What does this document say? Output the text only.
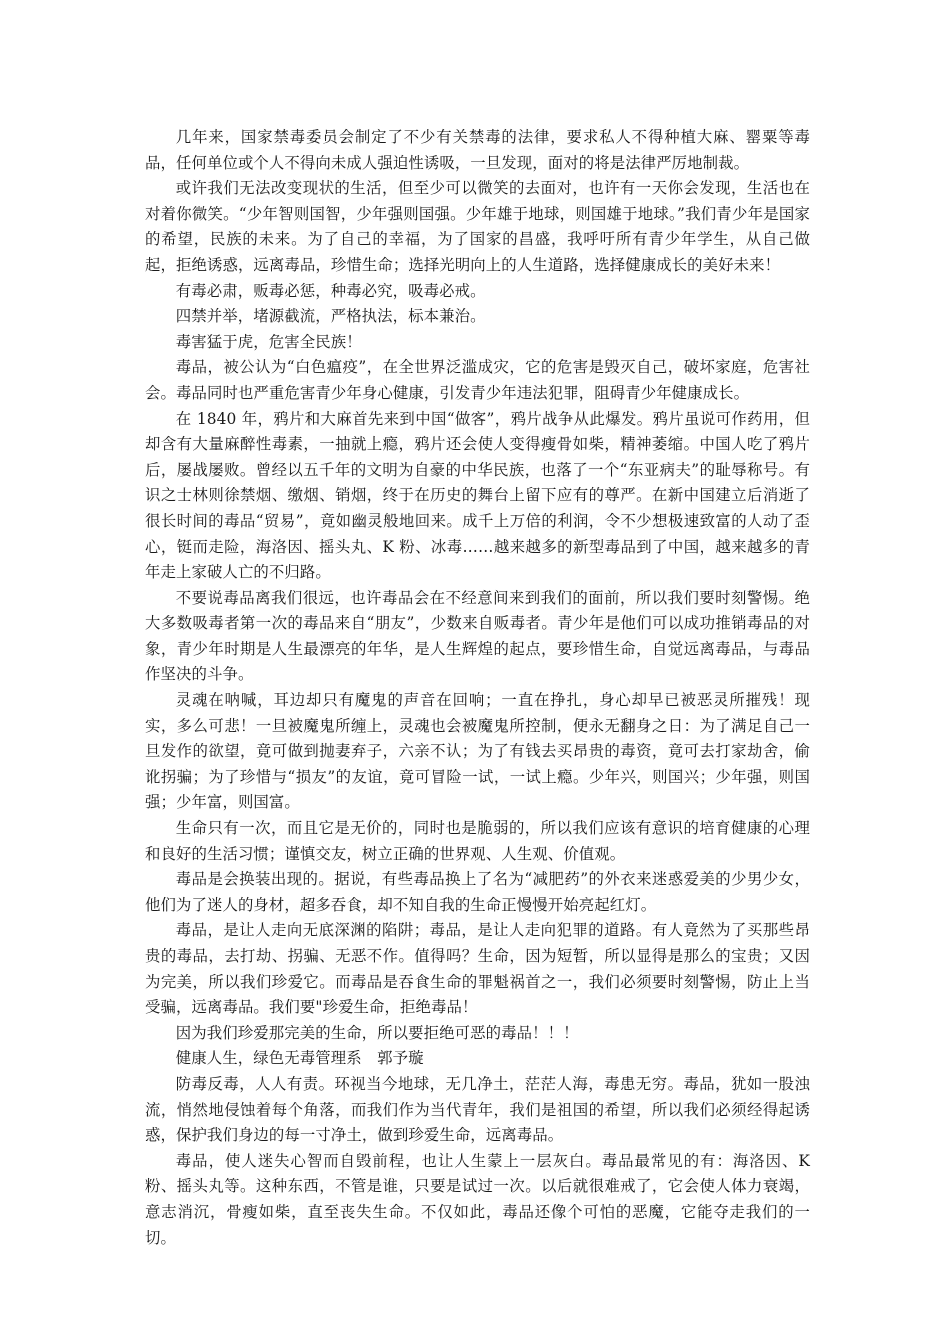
几年来，国家禁毒委员会制定了不少有关禁毒的法律，要求私人不得种植大麻、罂粟等毒品，任何单位或个人不得向未成人强迫性诱吸，一旦发现，面对的将是法律严厉地制裁。

或许我们无法改变现状的生活，但至少可以微笑的去面对，也许有一天你会发现，生活也在对着你微笑。“少年智则国智，少年强则国强。少年雄于地球，则国雄于地球。”我们青少年是国家的希望，民族的未来。为了自己的幸福，为了国家的昌盛，我呼吁所有青少年学生，从自己做起，拒绝诱惑，远离毒品，珍惜生命；选择光明向上的人生道路，选择健康成长的美好未来！

有毒必肃，贩毒必惩，种毒必究，吸毒必戒。

四禁并举，堵源截流，严格执法，标本兼治。

毒害猛于虎，危害全民族！

毒品，被公认为“白色瘟疫”，在全世界泛滥成灾，它的危害是毁灭自己，破坏家庭，危害社会。毒品同时也严重危害青少年身心健康，引发青少年违法犯罪，阻碍青少年健康成长。

在 1840 年，鸦片和大麻首先来到中国“做客”，鸦片战争从此爆发。鸦片虽说可作药用，但却含有大量麻醉性毒素，一抽就上瘾，鸦片还会使人变得瘦骨如柴，精神萎缩。中国人吃了鸦片后，屡战屡败。曾经以五千年的文明为自豪的中华民族，也落了一个“东亚病夫”的耻辱称号。有识之士林则徐禁烟、缴烟、销烟，终于在历史的舞台上留下应有的尊严。在新中国建立后消逝了很长时间的毒品“贸易”，竟如幽灵般地回来。成千上万倍的利润，令不少想极速致富的人动了歪心，铤而走险，海洛因、摇头丸、K 粉、冰毒……越来越多的新型毒品到了中国，越来越多的青年走上家破人亡的不归路。

不要说毒品离我们很远，也许毒品会在不经意间来到我们的面前，所以我们要时刻警惕。绝大多数吸毒者第一次的毒品来自“朋友”，少数来自贩毒者。青少年是他们可以成功推销毒品的对象，青少年时期是人生最漂亮的年华，是人生辉煌的起点，要珍惜生命，自觉远离毒品，与毒品作坚决的斗争。

灵魂在呐喊，耳边却只有魔鬼的声音在回响；一直在挣扎，身心却早已被恶灵所摧残！现实，多么可悲！一旦被魔鬼所缠上，灵魂也会被魔鬼所控制，便永无翻身之日：为了满足自己一旦发作的欲望，竟可做到抛妻弃子，六亲不认；为了有钱去买昂贵的毒资，竟可去打家劫舍，偷讹拐骗；为了珍惜与“损友”的友谊，竟可冒险一试，一试上瘾。少年兴，则国兴；少年强，则国强；少年富，则国富。

生命只有一次，而且它是无价的，同时也是脆弱的，所以我们应该有意识的培育健康的心理和良好的生活习惯；谨慎交友，树立正确的世界观、人生观、价值观。

毒品是会换装出现的。据说，有些毒品换上了名为“减肥药”的外衣来迷惑爱美的少男少女，他们为了迷人的身材，超多吞食，却不知自我的生命正慢慢开始亮起红灯。

毒品，是让人走向无底深渊的陷阱；毒品，是让人走向犯罪的道路。有人竟然为了买那些昂贵的毒品，去打劫、拐骗、无恶不作。值得吗？生命，因为短暂，所以显得是那么的宝贵；又因为完美，所以我们珍爱它。而毒品是吞食生命的罪魁祸首之一，我们必须要时刻警惕，防止上当受骗，远离毒品。我们要"珍爱生命，拒绝毒品！

因为我们珍爱那完美的生命，所以要拒绝可恶的毒品！！！

健康人生，绿色无毒管理系　郭予璇

防毒反毒，人人有责。环视当今地球，无几净土，茫茫人海，毒患无穷。毒品，犹如一股浊流，悄然地侵蚀着每个角落，而我们作为当代青年，我们是祖国的希望，所以我们必须经得起诱惑，保护我们身边的每一寸净土，做到珍爱生命，远离毒品。

毒品，使人迷失心智而自毁前程，也让人生蒙上一层灰白。毒品最常见的有：海洛因、K 粉、摇头丸等。这种东西，不管是谁，只要是试过一次。以后就很难戒了，它会使人体力衰竭，意志消沉，骨瘦如柴，直至丧失生命。不仅如此，毒品还像个可怕的恶魔，它能夺走我们的一切。
